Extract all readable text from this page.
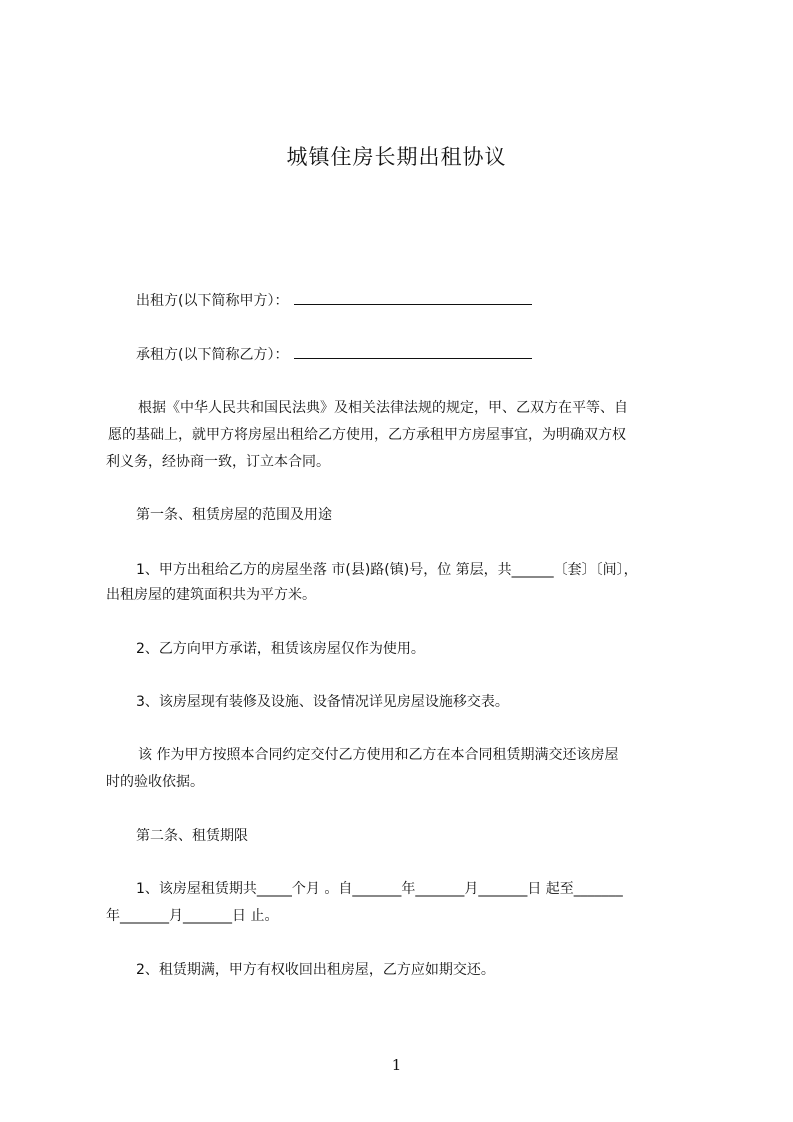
城镇住房长期出租协议
出租方(以下简称甲方）：
承租方(以下简称乙方）：
根据《中华人民共和国民法典》及相关法律法规的规定，甲、乙双方在平等、自
愿的基础上，就甲方将房屋出租给乙方使用，乙方承租甲方房屋事宜，为明确双方权
利义务，经协商一致，订立本合同。
第一条、租赁房屋的范围及用途
1、甲方出租给乙方的房屋坐落 市(县)路(镇)号，位 第层，共______〔套〕〔间〕，
出租房屋的建筑面积共为平方米。
2、乙方向甲方承诺，租赁该房屋仅作为使用。
3、该房屋现有装修及设施、设备情况详见房屋设施移交表。
该 作为甲方按照本合同约定交付乙方使用和乙方在本合同租赁期满交还该房屋
时的验收依据。
第二条、租赁期限
1、该房屋租赁期共_____个月 。自_______年_______月_______日 起至_______
年_______月_______日 止。
2、租赁期满，甲方有权收回出租房屋，乙方应如期交还。
1
